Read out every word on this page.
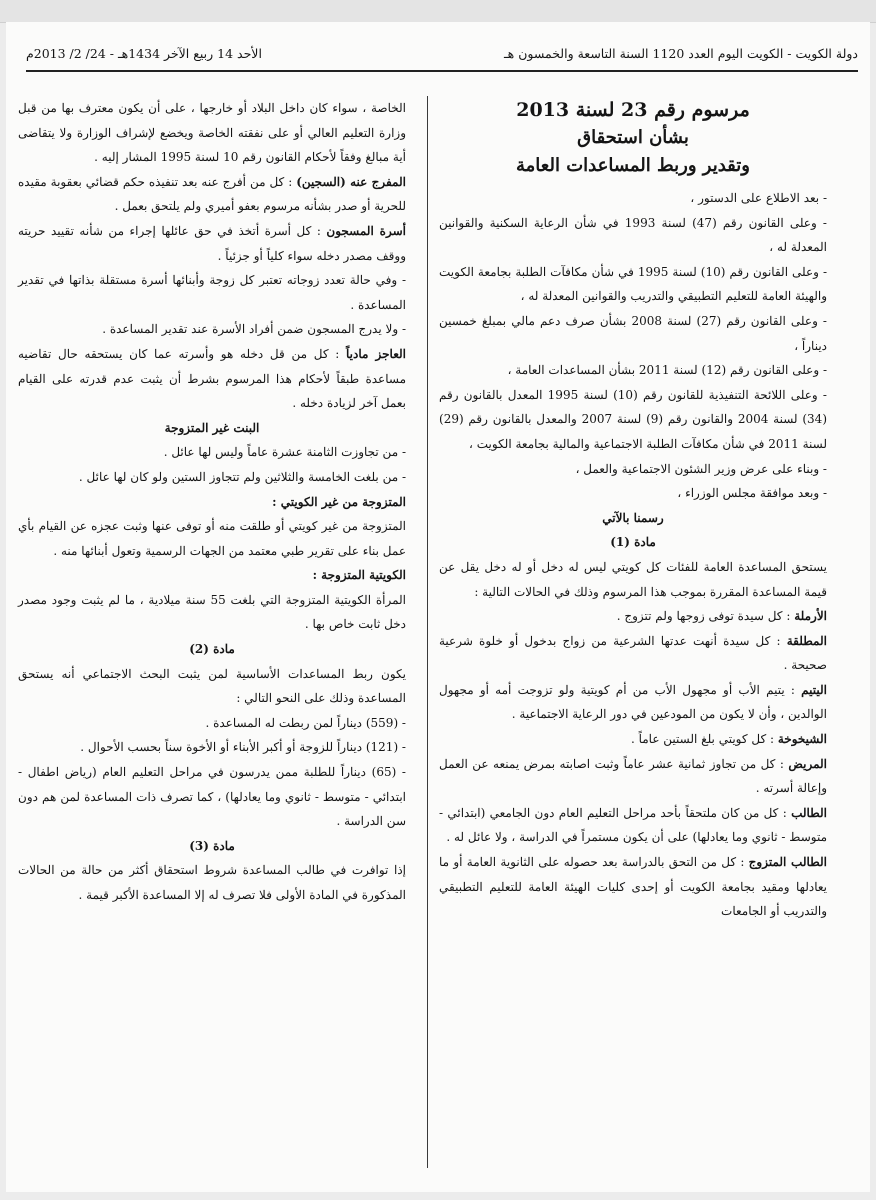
دولة الكويت - الكويت اليوم العدد 1120 السنة التاسعة والخمسون هـ
الأحد 14 ربيع الآخر 1434هـ - 24/ 2/ 2013م
مرسوم رقم 23 لسنة 2013
بشأن استحقاق
وتقدير وربط المساعدات العامة

- بعد الاطلاع على الدستور ،

- وعلى القانون رقم (47) لسنة 1993 في شأن الرعاية السكنية والقوانين المعدلة له ،

- وعلى القانون رقم (10) لسنة 1995 في شأن مكافآت الطلبة بجامعة الكويت والهيئة العامة للتعليم التطبيقي والتدريب والقوانين المعدلة له ،

- وعلى القانون رقم (27) لسنة 2008 بشأن صرف دعم مالي بمبلغ خمسين ديناراً ،

- وعلى القانون رقم (12) لسنة 2011 بشأن المساعدات العامة ،

- وعلى اللائحة التنفيذية للقانون رقم (10) لسنة 1995 المعدل بالقانون رقم (34) لسنة 2004 والقانون رقم (9) لسنة 2007 والمعدل بالقانون رقم (29) لسنة 2011 في شأن مكافآت الطلبة الاجتماعية والمالية بجامعة الكويت ،

- وبناء على عرض وزير الشئون الاجتماعية والعمل ،

- وبعد موافقة مجلس الوزراء ،

رسمنا بالآتي

مادة (1)

يستحق المساعدة العامة للفئات كل كويتي ليس له دخل أو له دخل يقل عن قيمة المساعدة المقررة بموجب هذا المرسوم وذلك في الحالات التالية :

الأرملة : كل سيدة توفى زوجها ولم تتزوج .

المطلقة : كل سيدة أنهت عدتها الشرعية من زواج بدخول أو خلوة شرعية صحيحة .

اليتيم : يتيم الأب أو مجهول الأب من أم كويتية ولو تزوجت أمه أو مجهول الوالدين ، وأن لا يكون من المودعين في دور الرعاية الاجتماعية .

الشيخوخة : كل كويتي بلغ الستين عاماً .

المريض : كل من تجاوز ثمانية عشر عاماً وثبت اصابته بمرض يمنعه عن العمل وإعالة أسرته .

الطالب : كل من كان ملتحقاً بأحد مراحل التعليم العام دون الجامعي (ابتدائي - متوسط - ثانوي وما يعادلها) على أن يكون مستمراً في الدراسة ، ولا عائل له .

الطالب المتزوج : كل من التحق بالدراسة بعد حصوله على الثانوية العامة أو ما يعادلها ومقيد بجامعة الكويت أو إحدى كليات الهيئة العامة للتعليم التطبيقي والتدريب أو الجامعات

الخاصة ، سواء كان داخل البلاد أو خارجها ، على أن يكون معترف بها من قبل وزارة التعليم العالي أو على نفقته الخاصة ويخضع لإشراف الوزارة ولا يتقاضى أية مبالغ وفقاً لأحكام القانون رقم 10 لسنة 1995 المشار إليه .

المفرج عنه (السجين) : كل من أفرج عنه بعد تنفيذه حكم قضائي بعقوبة مقيده للحرية أو صدر بشأنه مرسوم بعفو أميري ولم يلتحق بعمل .

أسرة المسجون : كل أسرة أتخذ في حق عائلها إجراء من شأنه تقييد حريته ووقف مصدر دخله سواء كلياً أو جزئياً .

- وفي حالة تعدد زوجاته تعتبر كل زوجة وأبنائها أسرة مستقلة بذاتها في تقدير المساعدة .

- ولا يدرج المسجون ضمن أفراد الأسرة عند تقدير المساعدة .

العاجز مادياً : كل من قل دخله هو وأسرته عما كان يستحقه حال تقاضيه مساعدة طبقاً لأحكام هذا المرسوم بشرط أن يثبت عدم قدرته على القيام بعمل آخر لزيادة دخله .

البنت غير المتزوجة

- من تجاوزت الثامنة عشرة عاماً وليس لها عائل .

- من بلغت الخامسة والثلاثين ولم تتجاوز الستين ولو كان لها عائل .

المتزوجة من غير الكويتي :

المتزوجة من غير كويتي أو طلقت منه أو توفى عنها وثبت عجزه عن القيام بأي عمل بناء على تقرير طبي معتمد من الجهات الرسمية وتعول أبنائها منه .

الكويتية المتزوجة :

المرأة الكويتية المتزوجة التي بلغت 55 سنة ميلادية ، ما لم يثبت وجود مصدر دخل ثابت خاص بها .

مادة (2)

يكون ربط المساعدات الأساسية لمن يثبت البحث الاجتماعي أنه يستحق المساعدة وذلك على النحو التالي :

- (559) ديناراً لمن ربطت له المساعدة .

- (121) ديناراً للزوجة أو أكبر الأبناء أو الأخوة سناً بحسب الأحوال .

- (65) ديناراً للطلبة ممن يدرسون في مراحل التعليم العام (رياض اطفال - ابتدائي - متوسط - ثانوي وما يعادلها) ، كما تصرف ذات المساعدة لمن هم دون سن الدراسة .

مادة (3)

إذا توافرت في طالب المساعدة شروط استحقاق أكثر من حالة من الحالات المذكورة في المادة الأولى فلا تصرف له إلا المساعدة الأكبر قيمة .
